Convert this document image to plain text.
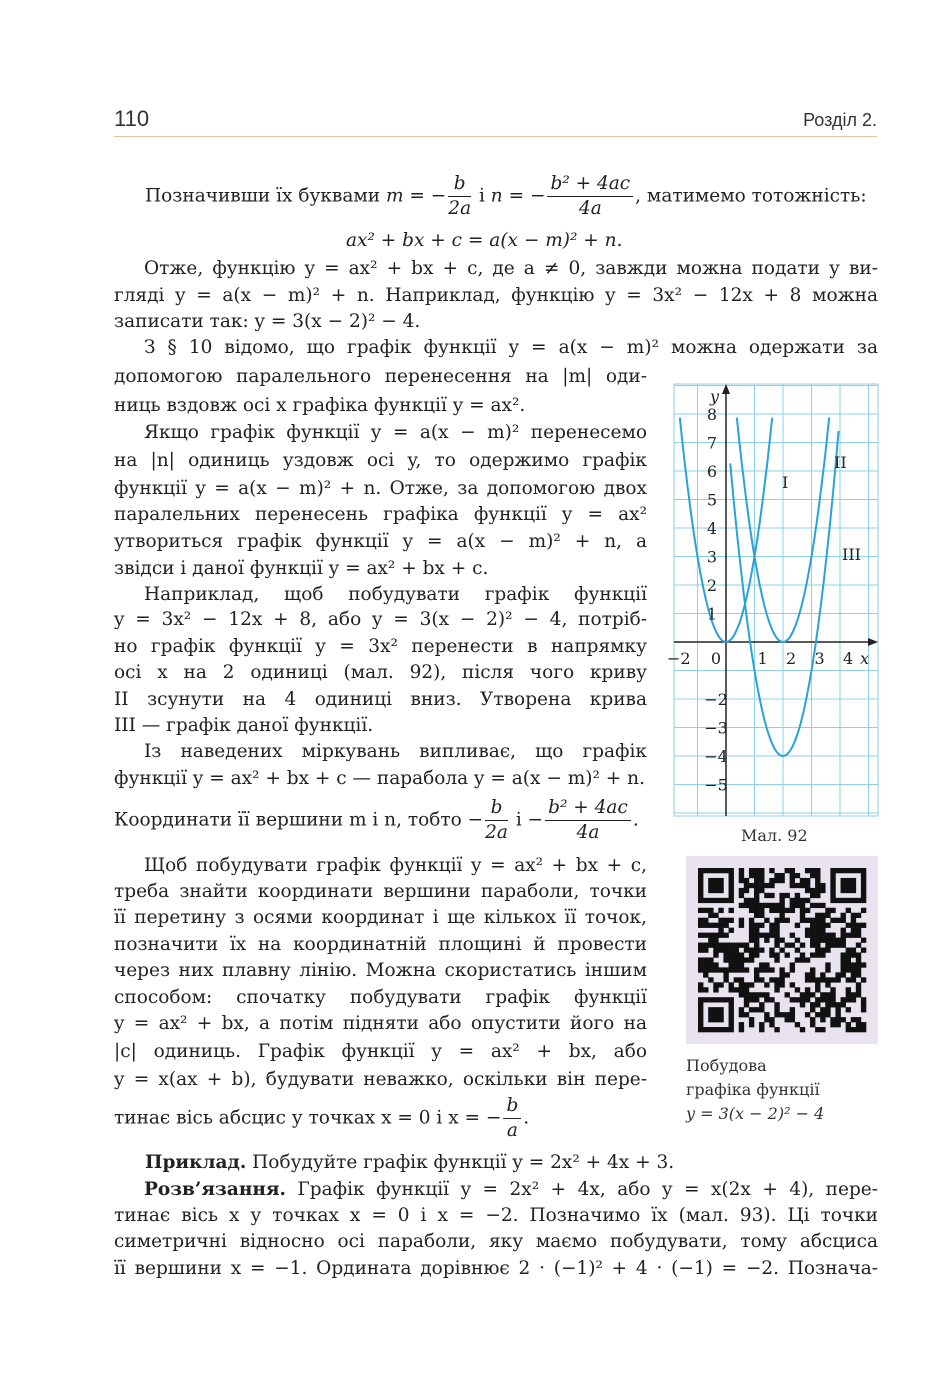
110	Розділ 2.
Позначивши їх буквами m = − $\frac{b}{2a}$ і n = − $\frac{\text{b² + 4ac}}{4a}$ , матимемо тотожність:
ax² + bx + c = a(x − m)² + n.
Отже, функцію y = ax² + bx + c, де a ≠ 0, завжди можна подати у ви-
гляді y = a(x − m)² + n. Наприклад, функцію y = 3x² − 12x + 8 можна
записати так: y = 3(x − 2)² − 4.
З § 10 відомо, що графік функції y = a(x − m)² можна одержати за
допомогою паралельного перенесення на |m| оди-
ниць вздовж осі x графіка функції y = ax².
Якщо графік функції y = a(x − m)² перенесемо
на |n| одиниць уздовж осі y, то одержимо графік
функції y = a(x − m)² + n. Отже, за допомогою двох
паралельних перенесень графіка функції y = ax²
утвориться графік функції y = a(x − m)² + n, а
звідси і даної функції y = ax² + bx + c.
Наприклад, щоб побудувати графік функції
y = 3x² − 12x + 8, або y = 3(x − 2)² − 4, потріб-
но графік функції y = 3x² перенести в напрямку
осі x на 2 одиниці (мал. 92), після чого криву
II зсунути на 4 одиниці вниз. Утворена крива
III — графік даної функції.
Із наведених міркувань випливає, що графік
функції y = ax² + bx + c — парабола y = a(x − m)² + n.
Координати її вершини m і n, тобто − $\frac{b}{2a}$ $і - \frac{\text{b² + 4ac}}{4a}$ .
Щоб побудувати графік функції y = ax² + bx + c,
треба знайти координати вершини параболи, точки
її перетину з осями координат і ще кількох її точок,
позначити їх на координатній площині й провести
через них плавну лінію. Можна скористатись іншим
способом: спочатку побудувати графік функції
y = ax² + bx, а потім підняти або опустити його на
|c| одиниць. Графік функції y = ax² + bx, або
y = x(ax + b), будувати неважко, оскільки він пере-
тинає вісь абсцис у точках x = 0 і x = − $\frac{b}{a}$ .
Приклад. Побудуйте графік функції y = 2x² + 4x + 3.
Розв’язання. Графік функції y = 2x² + 4x, або y = x(2x + 4), пере-
тинає вісь x у точках x = 0 і x = −2. Позначимо їх (мал. 93). Ці точки
симетричні відносно осі параболи, яку маємо побудувати, тому абсциса
її вершини x = −1. Ордината дорівнює 2 · (−1)² + 4 · (−1) = −2. Познача-
−2 0 1 2 3 4
1
2
3
4
5
6
7
8
−2
−3
−4
−5
x
y
I
II
III
Мал. 92
Побудова
графіка функції
y = 3(x − 2)² − 4
